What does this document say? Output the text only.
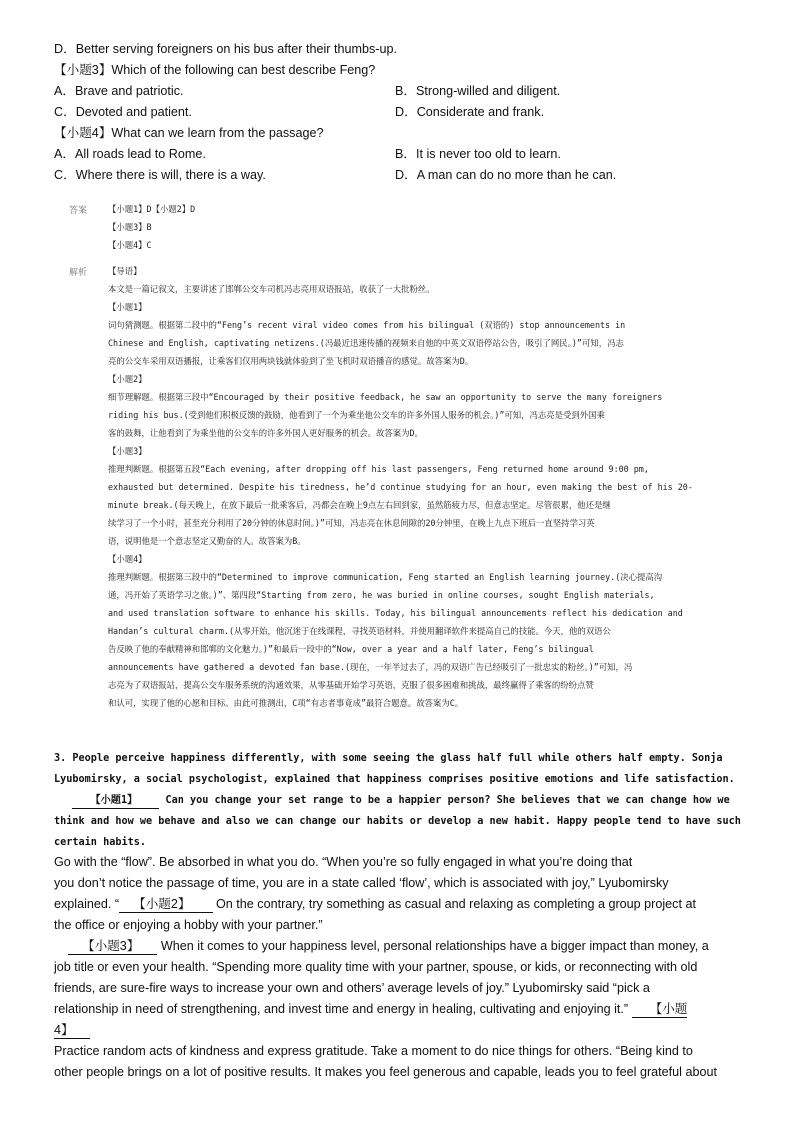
D．Better serving foreigners on his bus after their thumbs-up.
【小题3】Which of the following can best describe Feng?
A．Brave and patriotic.	B．Strong-willed and diligent.
C．Devoted and patient.	D．Considerate and frank.
【小题4】What can we learn from the passage?
A．All roads lead to Rome.	B．It is never too old to learn.
C．Where there is will, there is a way.	D．A man can do no more than he can.
答案 【小题1】D【小题2】D
【小题3】B
【小题4】C
解析 【导语】
本文是一篇记叙文，主要讲述了邯郸公交车司机冯志亮用双语报站，收获了一大批粉丝。
【小题1】
词句猜测题。根据第二段中的“Feng’s recent viral video comes from his bilingual (双语的) stop announcements in
Chinese and English, captivating netizens.(冯最近迅速传播的视频来自他的中英文双语停站公告，吸引了网民。)”可知，冯志
亮的公交车采用双语播报，让乘客们仅用两块钱就体验到了坐飞机时双语播音的感觉。故答案为D。
【小题2】
细节理解题。根据第三段中“Encouraged by their positive feedback, he saw an opportunity to serve the many foreigners
riding his bus.(受到他们积极反馈的鼓励，他看到了一个为乘坐他公交车的许多外国人服务的机会。)”可知，冯志亮是受到外国乘
客的鼓舞，让他看到了为乘坐他的公交车的许多外国人更好服务的机会。故答案为D。
【小题3】
推理判断题。根据第五段“Each evening, after dropping off his last passengers, Feng returned home around 9:00 pm,
exhausted but determined. Despite his tiredness, he’d continue studying for an hour, even making the best of his 20-
minute break.(每天晚上，在放下最后一批乘客后，冯都会在晚上9点左右回到家，虽然筋疲力尽，但意志坚定。尽管很累，他还是继
续学习了一个小时，甚至充分利用了20分钟的休息时间。)”可知，冯志亮在休息间隙的20分钟里，在晚上九点下班后一直坚持学习英
语，说明他是一个意志坚定又勤奋的人。故答案为B。
【小题4】
推理判断题。根据第三段中的“Determined to improve communication, Feng started an English learning journey.(决心提高沟
通，冯开始了英语学习之旅。)”、第四段“Starting from zero, he was buried in online courses, sought English materials,
and used translation software to enhance his skills. Today, his bilingual announcements reflect his dedication and
Handan’s cultural charm.(从零开始，他沉迷于在线课程，寻找英语材料，并使用翻译软件来提高自己的技能。今天，他的双语公
告反映了他的奉献精神和邯郸的文化魅力。)”和最后一段中的“Now, over a year and a half later, Feng’s bilingual
announcements have gathered a devoted fan base.(现在，一年半过去了，冯的双语广告已经吸引了一批忠实的粉丝。)”可知，冯
志亮为了双语报站，提高公交车服务系统的沟通效果，从零基础开始学习英语，克服了很多困难和挑战，最终赢得了乘客的纷纷点赞
和认可，实现了他的心愿和目标。由此可推测出，C项“有志者事竟成”最符合题意。故答案为C。
3. People perceive happiness differently, with some seeing the glass half full while others half empty. Sonja
Lyubomirsky, a social psychologist, explained that happiness comprises positive emotions and life satisfaction.
【小题1】 Can you change your set range to be a happier person? She believes that we can change how we
think and how we behave and also we can change our habits or develop a new habit. Happy people tend to have such
certain habits.
Go with the “flow”. Be absorbed in what you do. “When you’re so fully engaged in what you’re doing that
you don’t notice the passage of time, you are in a state called ‘flow’, which is associated with joy,” Lyubomirsky
explained. “ 【小题2】 On the contrary, try something as casual and relaxing as completing a group project at
the office or enjoying a hobby with your partner.”
【小题3】 When it comes to your happiness level, personal relationships have a bigger impact than money, a
job title or even your health. “Spending more quality time with your partner, spouse, or kids, or reconnecting with old
friends, are sure-fire ways to increase your own and others’ average levels of joy.” Lyubomirsky said “pick a
relationship in need of strengthening, and invest time and energy in healing, cultivating and enjoying it.” 【小题
4】
Practice random acts of kindness and express gratitude. Take a moment to do nice things for others. “Being kind to
other people brings on a lot of positive results. It makes you feel generous and capable, leads you to feel grateful about
